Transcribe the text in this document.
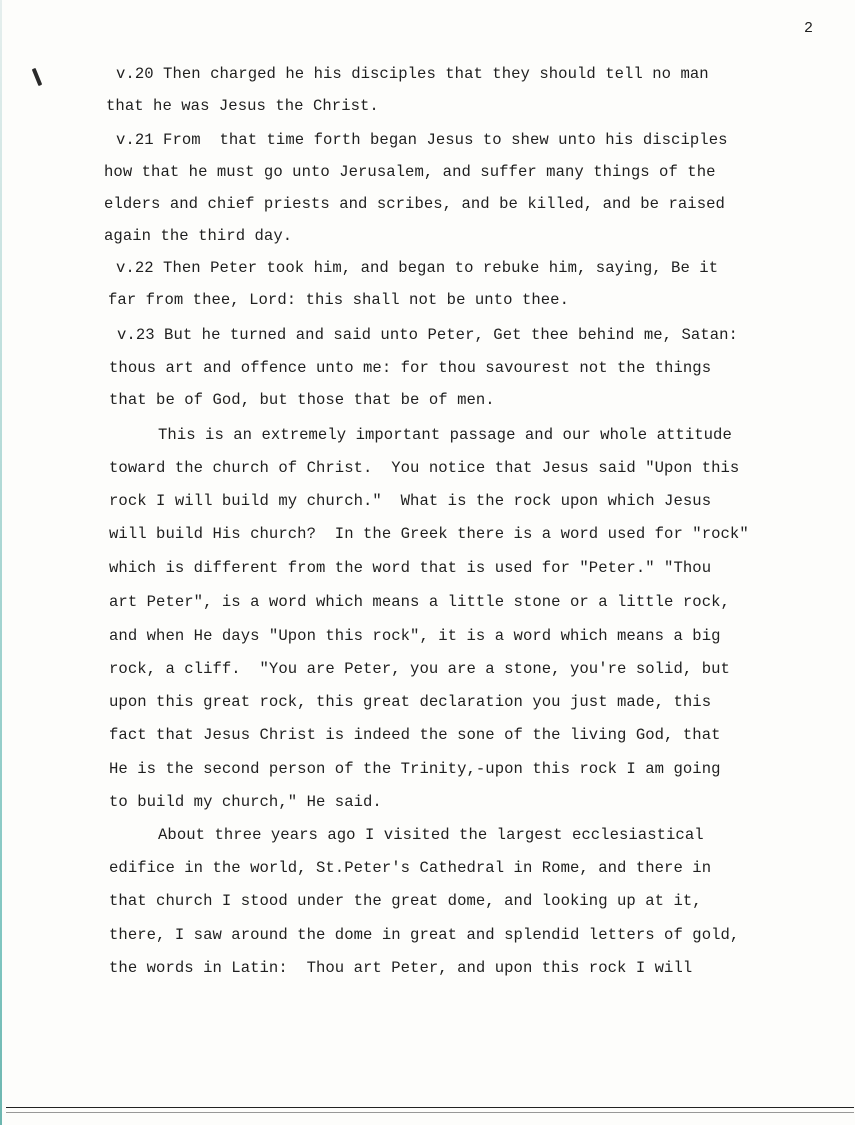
2
v.20 Then charged he his disciples that they should tell no man
that he was Jesus the Christ.
v.21 From  that time forth began Jesus to shew unto his disciples
how that he must go unto Jerusalem, and suffer many things of the
elders and chief priests and scribes, and be killed, and be raised
again the third day.
v.22 Then Peter took him, and began to rebuke him, saying, Be it
far from thee, Lord: this shall not be unto thee.
v.23 But he turned and said unto Peter, Get thee behind me, Satan:
thous art and offence unto me: for thou savourest not the things
that be of God, but those that be of men.
This is an extremely important passage and our whole attitude
toward the church of Christ.  You notice that Jesus said "Upon this
rock I will build my church."  What is the rock upon which Jesus
will build His church?  In the Greek there is a word used for "rock"
which is different from the word that is used for "Peter." "Thou
art Peter", is a word which means a little stone or a little rock,
and when He days "Upon this rock", it is a word which means a big
rock, a cliff.  "You are Peter, you are a stone, you're solid, but
upon this great rock, this great declaration you just made, this
fact that Jesus Christ is indeed the sone of the living God, that
He is the second person of the Trinity,-upon this rock I am going
to build my church," He said.
About three years ago I visited the largest ecclesiastical
edifice in the world, St.Peter's Cathedral in Rome, and there in
that church I stood under the great dome, and looking up at it,
there, I saw around the dome in great and splendid letters of gold,
the words in Latin:  Thou art Peter, and upon this rock I will
